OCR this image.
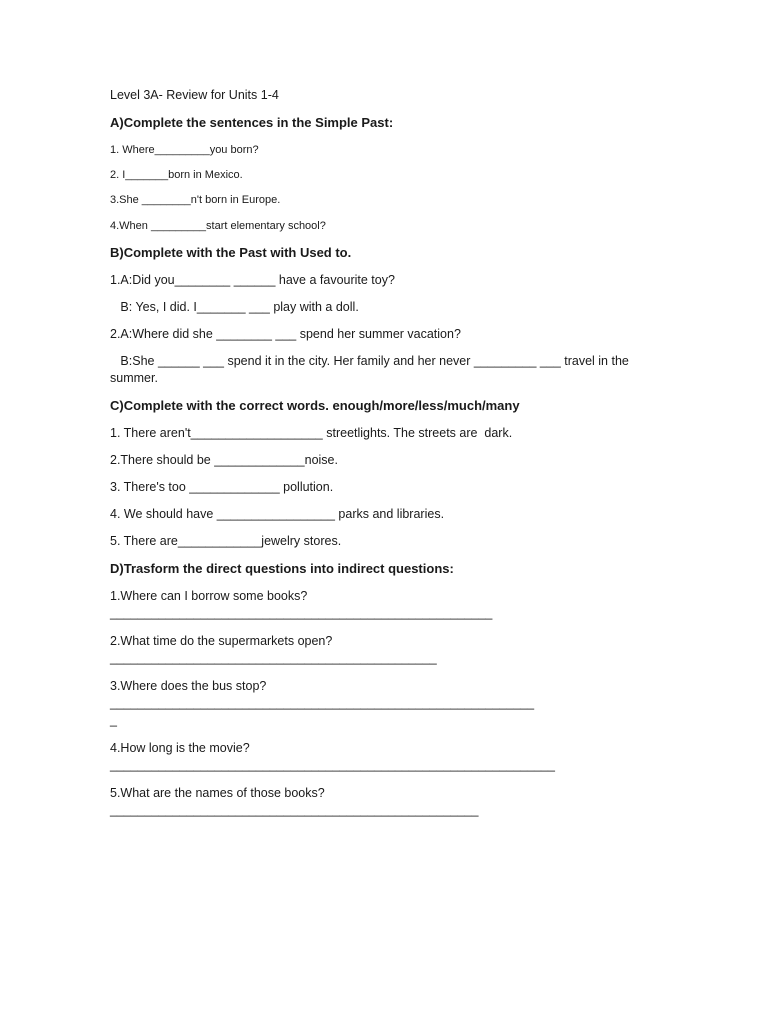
Level 3A- Review for Units 1-4

A)Complete the sentences in the Simple Past:

1. Where_________you born?

2. I_______born in Mexico.

3.She ________n't born in Europe.

4.When _________start elementary school?

B)Complete with the Past with Used to.

1.A:Did you________ ______ have a favourite toy?

B: Yes, I did. I_______ ___ play with a doll.

2.A:Where did she ________ ___ spend her summer vacation?

B:She ______ ___ spend it in the city. Her family and her never _________ ___ travel in the summer.

C)Complete with the correct words. enough/more/less/much/many

1. There aren't___________________ streetlights. The streets are  dark.

2.There should be _____________noise.

3. There's too _____________ pollution.

4. We should have _________________ parks and libraries.

5. There are____________jewelry stores.

D)Trasform the direct questions into indirect questions:

1.Where can I borrow some books?_______________________________________________________

2.What time do the supermarkets open?_______________________________________________

3.Where does the bus stop?______________________________________________________________

4.How long is the movie?________________________________________________________________

5.What are the names of those books?_____________________________________________________
